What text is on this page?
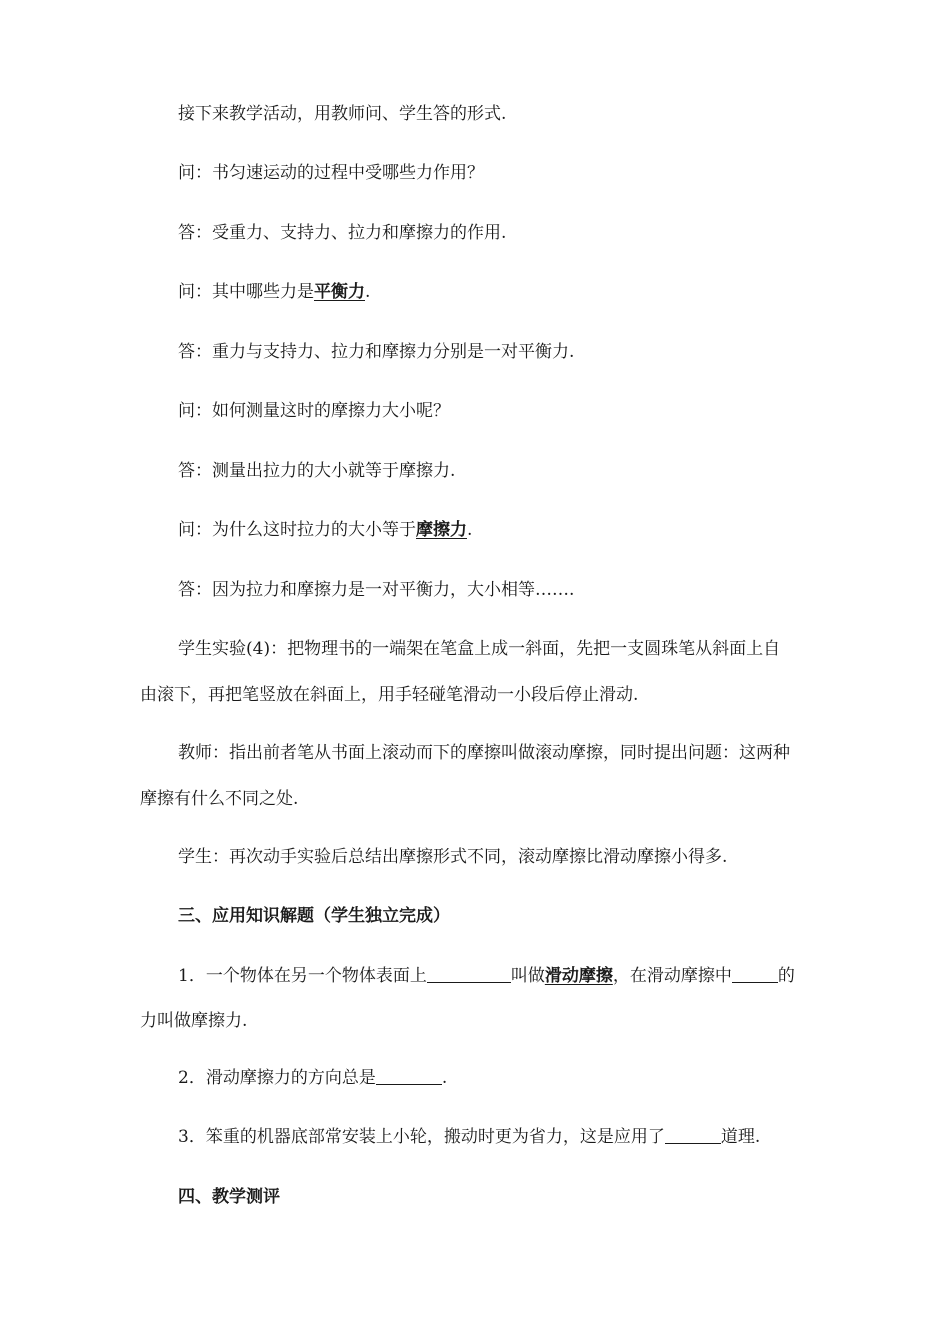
接下来教学活动，用教师问、学生答的形式.
问：书匀速运动的过程中受哪些力作用？
答：受重力、支持力、拉力和摩擦力的作用.
问：其中哪些力是平衡力.
答：重力与支持力、拉力和摩擦力分别是一对平衡力.
问：如何测量这时的摩擦力大小呢？
答：测量出拉力的大小就等于摩擦力.
问：为什么这时拉力的大小等于摩擦力.
答：因为拉力和摩擦力是一对平衡力，大小相等…….
学生实验(4)：把物理书的一端架在笔盒上成一斜面，先把一支圆珠笔从斜面上自
由滚下，再把笔竖放在斜面上，用手轻碰笔滑动一小段后停止滑动.
教师：指出前者笔从书面上滚动而下的摩擦叫做滚动摩擦，同时提出问题：这两种
摩擦有什么不同之处.
学生：再次动手实验后总结出摩擦形式不同，滚动摩擦比滑动摩擦小得多.
三、应用知识解题（学生独立完成）
1．一个物体在另一个物体表面上	叫做滑动摩擦，在滑动摩擦中	的
力叫做摩擦力.
2．滑动摩擦力的方向总是	.
3．笨重的机器底部常安装上小轮，搬动时更为省力，这是应用了	道理.
四、教学测评
